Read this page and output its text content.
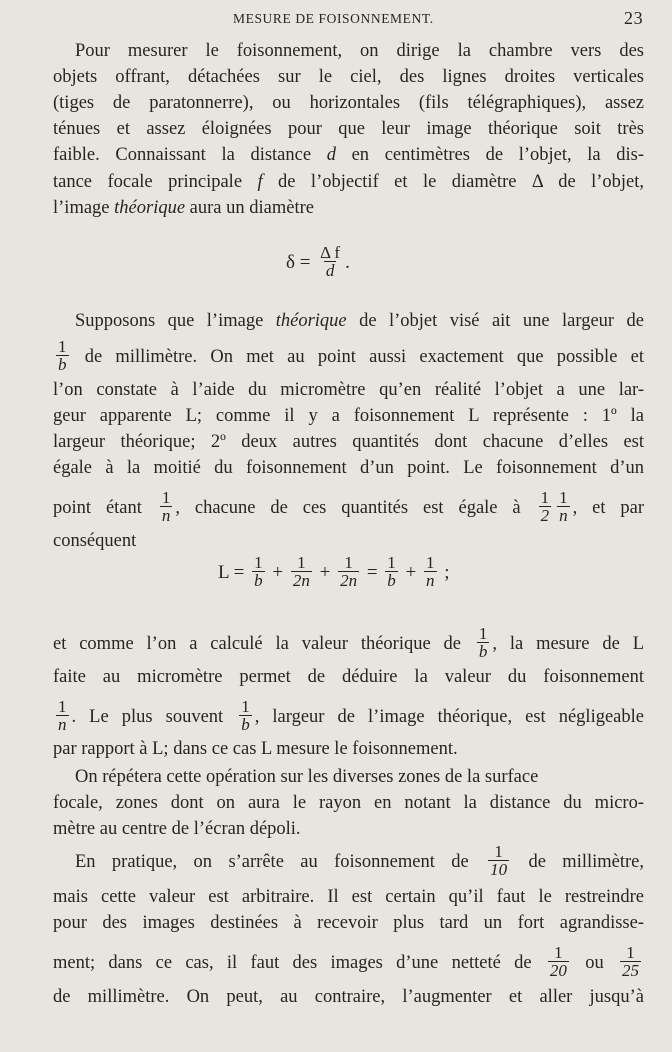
MESURE DE FOISONNEMENT.	23
Pour mesurer le foisonnement, on dirige la chambre vers des
objets offrant, détachées sur le ciel, des lignes droites verticales
(tiges de paratonnerre), ou horizontales (fils télégraphiques), assez
ténues et assez éloignées pour que leur image théorique soit très
faible. Connaissant la distance d en centimètres de l’objet, la dis-
tance focale principale f de l’objectif et le diamètre Δ de l’objet,
l’image théorique aura un diamètre
$\delta = \frac{\text{Δ f}}{d}$ .
Supposons que l’image théorique de l’objet visé ait une largeur de
$\frac{1}{b}$ de millimètre. On met au point aussi exactement que possible et
l’on constate à l’aide du micromètre qu’en réalité l’objet a une lar-
geur apparente L; comme il y a foisonnement L représente : 1º la
largeur théorique; 2º deux autres quantités dont chacune d’elles est
égale à la moitié du foisonnement d’un point. Le foisonnement d’un
point étant $\frac{1}{n}$ , chacune de ces quantités est égale à $\frac{1}{2} \frac{1}{n}$ , et par
conséquent
$L = \frac{1}{b} + \frac{1}{2n} + \frac{1}{2n} = \frac{1}{b} + \frac{1}{n}$ ;
et comme l’on a calculé la valeur théorique de $\frac{1}{b}$ , la mesure de L
faite au micromètre permet de déduire la valeur du foisonnement
$\frac{1}{n}$ . Le plus souvent $\frac{1}{b}$ , largeur de l’image théorique, est négligeable
par rapport à L; dans ce cas L mesure le foisonnement.
On répétera cette opération sur les diverses zones de la surface
focale, zones dont on aura le rayon en notant la distance du micro-
mètre au centre de l’écran dépoli.
En pratique, on s’arrête au foisonnement de $\frac{1}{10}$ de millimètre,
mais cette valeur est arbitraire. Il est certain qu’il faut le restreindre
pour des images destinées à recevoir plus tard un fort agrandisse-
ment; dans ce cas, il faut des images d’une netteté de $\frac{1}{20}$ ou $\frac{1}{25}$
de millimètre. On peut, au contraire, l’augmenter et aller jusqu’à
